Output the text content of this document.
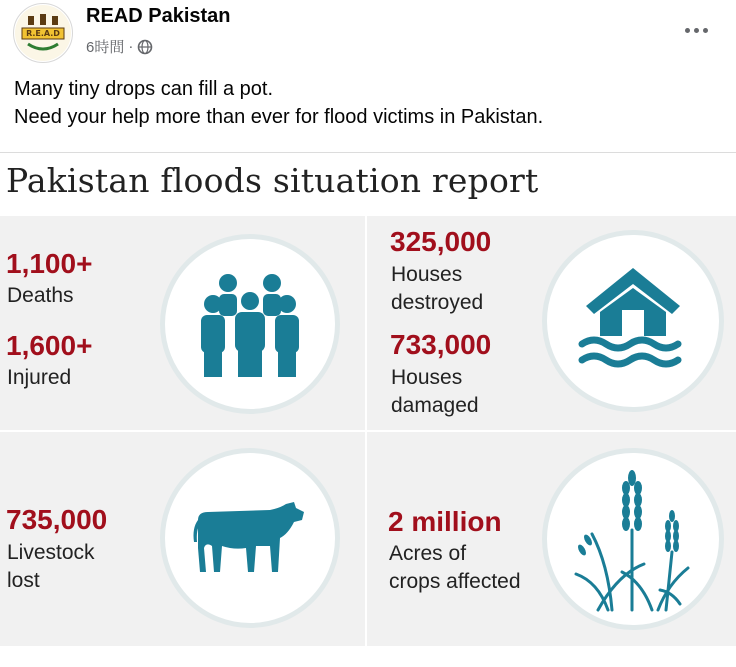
R.E.A.D
READ Pakistan
6時間 ·
Many tiny drops can fill a pot.
Need your help more than ever for flood victims in Pakistan.
Pakistan floods situation report
1,100+
Deaths
1,600+
Injured
325,000
Houses
destroyed
733,000
Houses
damaged
735,000
Livestock
lost
2 million
Acres of
crops affected
